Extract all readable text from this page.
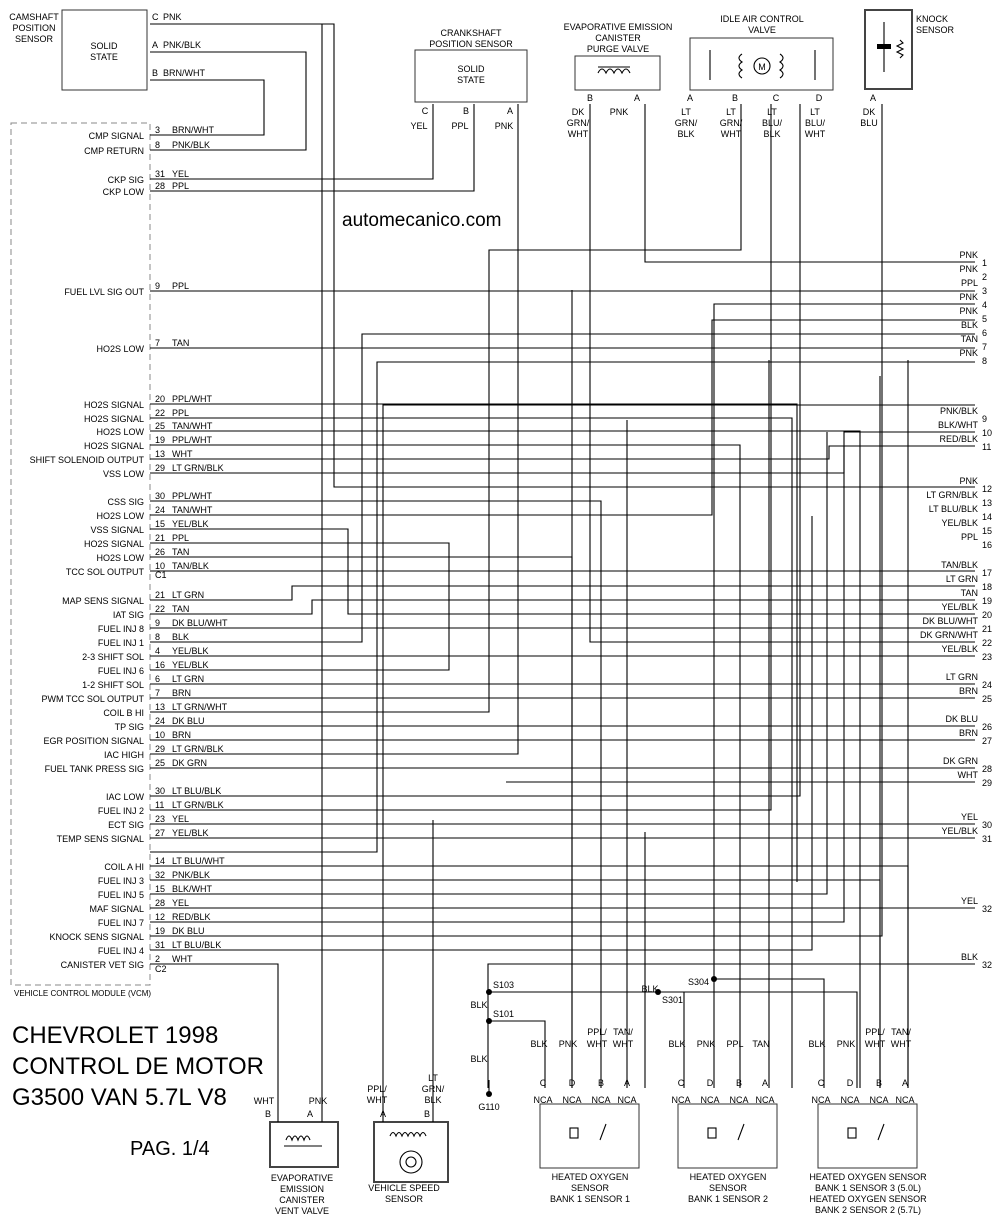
CMP SIGNAL
3 BRN/WHT
CMP RETURN
8 PNK/BLK
CKP SIG
31 YEL
CKP LOW
28 PPL
FUEL LVL SIG OUT
9 PPL
HO2S LOW
7 TAN
HO2S SIGNAL
20 PPL/WHT
HO2S SIGNAL
22 PPL
HO2S LOW
25 TAN/WHT
HO2S SIGNAL
19 PPL/WHT
SHIFT SOLENOID OUTPUT
13 WHT
VSS LOW
29 LT GRN/BLK
CSS SIG
30 PPL/WHT
HO2S LOW
24 TAN/WHT
VSS SIGNAL
15 YEL/BLK
HO2S SIGNAL
21 PPL
HO2S LOW
26 TAN
TCC SOL OUTPUT
10 TAN/BLK
C1
MAP SENS SIGNAL
21 LT GRN
IAT SIG
22 TAN
FUEL INJ 8
9 DK BLU/WHT
FUEL INJ 1
8 BLK
2-3 SHIFT SOL
4 YEL/BLK
FUEL INJ 6
16 YEL/BLK
1-2 SHIFT SOL
6 LT GRN
PWM TCC SOL OUTPUT
7 BRN
COIL B HI
13 LT GRN/WHT
TP SIG
24 DK BLU
EGR POSITION SIGNAL
10 BRN
IAC HIGH
29 LT GRN/BLK
FUEL TANK PRESS SIG
25 DK GRN
IAC LOW
30 LT BLU/BLK
FUEL INJ 2
11 LT GRN/BLK
ECT SIG
23 YEL
TEMP SENS SIGNAL
27 YEL/BLK
COIL A HI
14 LT BLU/WHT
FUEL INJ 3
32 PNK/BLK
FUEL INJ 5
15 BLK/WHT
MAF SIGNAL
28 YEL
FUEL INJ 7
12 RED/BLK
KNOCK SENS SIGNAL
19 DK BLU
FUEL INJ 4
31 LT BLU/BLK
CANISTER VET SIG
2 WHT
C2
VEHICLE CONTROL MODULE (VCM)
PNK
1
PNK
2
PPL
3
PNK
4
PNK
5
BLK
6
TAN
7
PNK
8
PNK/BLK
9
BLK/WHT
10
RED/BLK
11
PNK
12
LT GRN/BLK
13
LT BLU/BLK
14
YEL/BLK
15
PPL
16
TAN/BLK
17
LT GRN
18
TAN
19
YEL/BLK
20
DK BLU/WHT
21
DK GRN/WHT
22
YEL/BLK
23
LT GRN
24
BRN
25
DK BLU
26
BRN
27
DK GRN
28
WHT
29
YEL
30
YEL/BLK
31
YEL
32
BLK
32
CAMSHAFT
POSITION
SENSOR
SOLID
STATE
C PNK
A PNK/BLK
B BRN/WHT
CRANKSHAFT
POSITION SENSOR
SOLID
STATE
C
YEL
B
PPL
A
PNK
EVAPORATIVE EMISSION
CANISTER
PURGE VALVE
B
DK
GRN/
WHT
A
PNK
IDLE AIR CONTROL
VALVE
M
A
LT
GRN/
BLK
B
LT
GRN/
WHT
C
LT
BLU/
BLK
D
LT
BLU/
WHT
KNOCK
SENSOR
A
DK
BLU
EVAPORATIVE
EMISSION
CANISTER
VENT VALVE
B
WHT
A
PNK
VEHICLE SPEED
SENSOR
A
PPL/
WHT
B
LT
GRN/
BLK
C
NCA
BLK
D
NCA
PNK
B
NCA
PPL/
WHT
A
NCA
TAN/
WHT
HEATED OXYGEN
SENSOR
BANK 1 SENSOR 1
C
NCA
BLK
D
NCA
PNK
B
NCA
PPL
A
NCA
TAN
HEATED OXYGEN
SENSOR
BANK 1 SENSOR 2
C
NCA
BLK
D
NCA
PNK
B
NCA
PPL/
WHT
A
NCA
TAN/
WHT
HEATED OXYGEN SENSOR
BANK 1 SENSOR 3 (5.0L)
HEATED OXYGEN SENSOR
BANK 2 SENSOR 2 (5.7L)
S103
S101
S304
S301
G110
BLK
BLK
BLK
automecanico.com
CHEVROLET 1998
CONTROL DE MOTOR
G3500 VAN 5.7L V8
PAG. 1/4
